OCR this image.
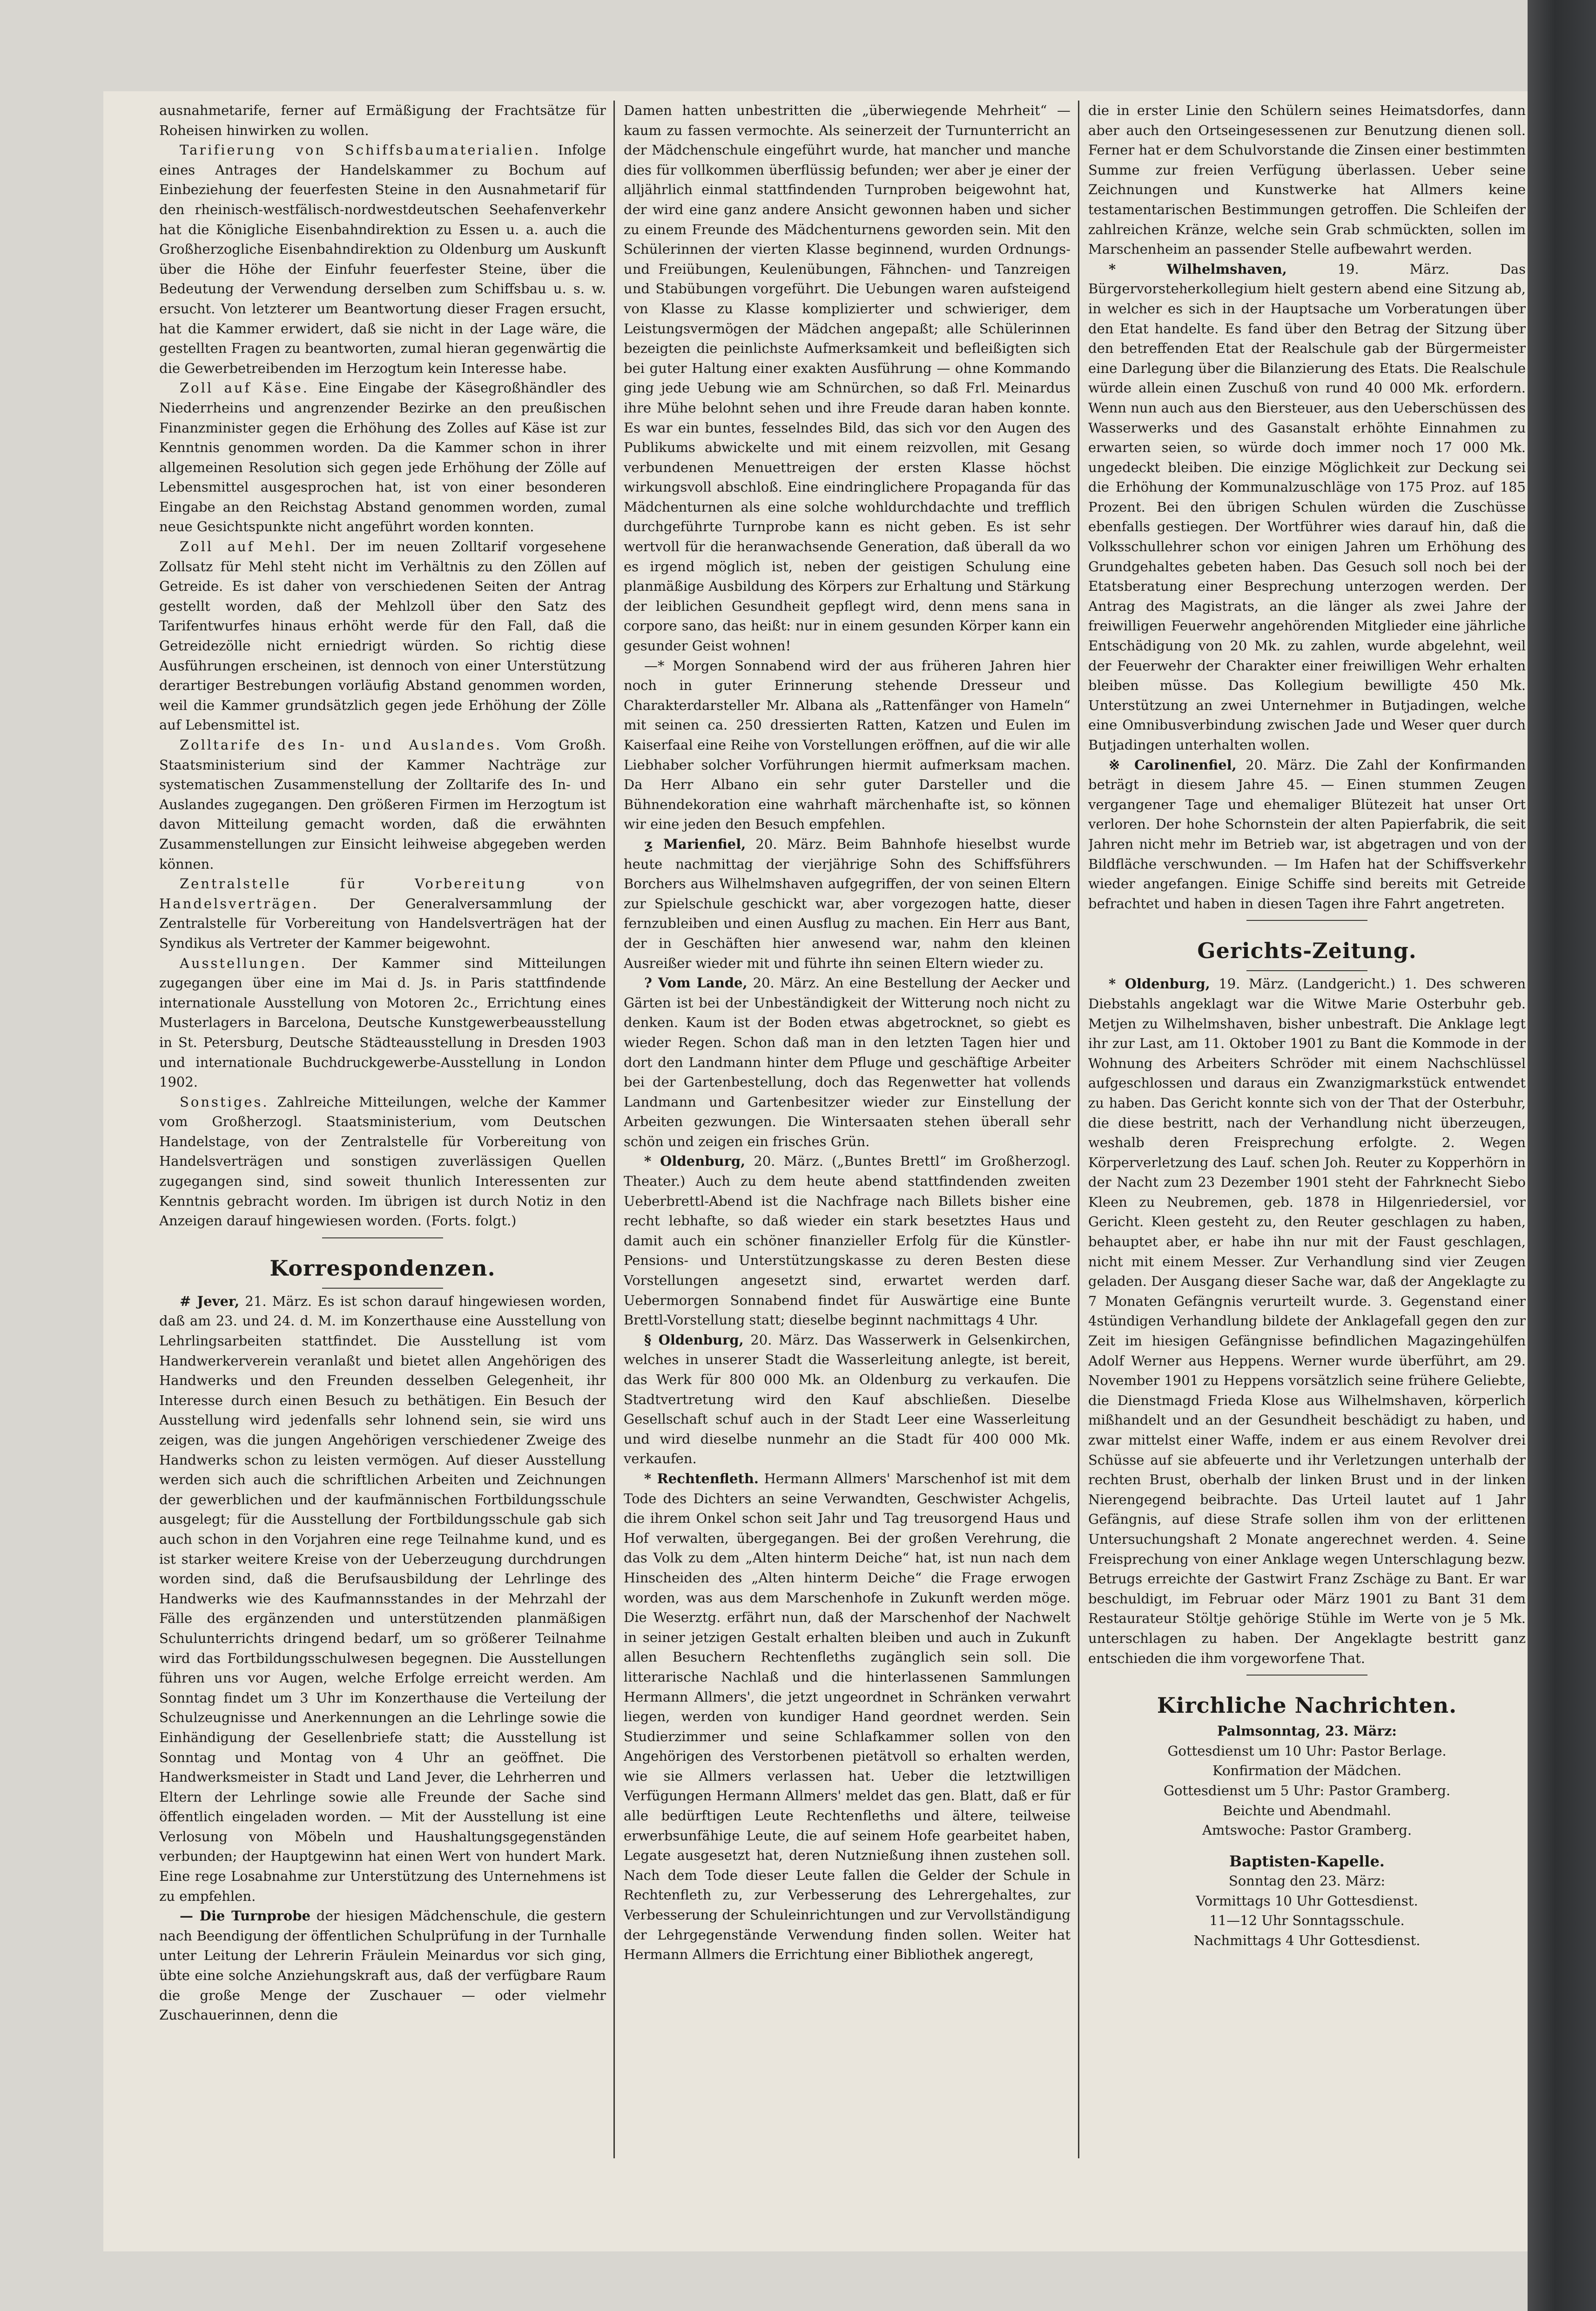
ausnahmetarife, ferner auf Ermäßigung der Frachtsätze für Roheisen hinwirken zu wollen.

Tarifierung von Schiffsbaumaterialien. Infolge eines Antrages der Handelskammer zu Bochum auf Einbeziehung der feuerfesten Steine in den Ausnahmetarif für den rheinisch-westfälisch-nordwestdeutschen Seehafenverkehr hat die Königliche Eisenbahndirektion zu Essen u. a. auch die Großherzogliche Eisenbahndirektion zu Oldenburg um Auskunft über die Höhe der Einfuhr feuerfester Steine, über die Bedeutung der Verwendung derselben zum Schiffsbau u. s. w. ersucht. Von letzterer um Beantwortung dieser Fragen ersucht, hat die Kammer erwidert, daß sie nicht in der Lage wäre, die gestellten Fragen zu beantworten, zumal hieran gegenwärtig die die Gewerbetreibenden im Herzogtum kein Interesse habe.

Zoll auf Käse. Eine Eingabe der Käsegroßhändler des Niederrheins und angrenzender Bezirke an den preußischen Finanzminister gegen die Erhöhung des Zolles auf Käse ist zur Kenntnis genommen worden. Da die Kammer schon in ihrer allgemeinen Resolution sich gegen jede Erhöhung der Zölle auf Lebensmittel ausgesprochen hat, ist von einer besonderen Eingabe an den Reichstag Abstand genommen worden, zumal neue Gesichtspunkte nicht angeführt worden konnten.

Zoll auf Mehl. Der im neuen Zolltarif vorgesehene Zollsatz für Mehl steht nicht im Verhältnis zu den Zöllen auf Getreide. Es ist daher von verschiedenen Seiten der Antrag gestellt worden, daß der Mehlzoll über den Satz des Tarifentwurfes hinaus erhöht werde für den Fall, daß die Getreidezölle nicht erniedrigt würden. So richtig diese Ausführungen erscheinen, ist dennoch von einer Unterstützung derartiger Bestrebungen vorläufig Abstand genommen worden, weil die Kammer grundsätzlich gegen jede Erhöhung der Zölle auf Lebensmittel ist.

Zolltarife des In- und Auslandes. Vom Großh. Staatsministerium sind der Kammer Nachträge zur systematischen Zusammenstellung der Zolltarife des In- und Auslandes zugegangen. Den größeren Firmen im Herzogtum ist davon Mitteilung gemacht worden, daß die erwähnten Zusammenstellungen zur Einsicht leihweise abgegeben werden können.

Zentralstelle für Vorbereitung von Handelsverträgen. Der Generalversammlung der Zentralstelle für Vorbereitung von Handelsverträgen hat der Syndikus als Vertreter der Kammer beigewohnt.

Ausstellungen. Der Kammer sind Mitteilungen zugegangen über eine im Mai d. Js. in Paris stattfindende internationale Ausstellung von Motoren 2c., Errichtung eines Musterlagers in Barcelona, Deutsche Kunstgewerbeausstellung in St. Petersburg, Deutsche Städteausstellung in Dresden 1903 und internationale Buchdruckgewerbe-Ausstellung in London 1902.

Sonstiges. Zahlreiche Mitteilungen, welche der Kammer vom Großherzogl. Staatsministerium, vom Deutschen Handelstage, von der Zentralstelle für Vorbereitung von Handelsverträgen und sonstigen zuverlässigen Quellen zugegangen sind, sind soweit thunlich Interessenten zur Kenntnis gebracht worden. Im übrigen ist durch Notiz in den Anzeigen darauf hingewiesen worden. (Forts. folgt.)

Korrespondenzen.

# Jever, 21. März. Es ist schon darauf hingewiesen worden, daß am 23. und 24. d. M. im Konzerthause eine Ausstellung von Lehrlingsarbeiten stattfindet. Die Ausstellung ist vom Handwerkerverein veranlaßt und bietet allen Angehörigen des Handwerks und den Freunden desselben Gelegenheit, ihr Interesse durch einen Besuch zu bethätigen. Ein Besuch der Ausstellung wird jedenfalls sehr lohnend sein, sie wird uns zeigen, was die jungen Angehörigen verschiedener Zweige des Handwerks schon zu leisten vermögen. Auf dieser Ausstellung werden sich auch die schriftlichen Arbeiten und Zeichnungen der gewerblichen und der kaufmännischen Fortbildungsschule ausgelegt; für die Ausstellung der Fortbildungsschule gab sich auch schon in den Vorjahren eine rege Teilnahme kund, und es ist starker weitere Kreise von der Ueberzeugung durchdrungen worden sind, daß die Berufsausbildung der Lehrlinge des Handwerks wie des Kaufmannsstandes in der Mehrzahl der Fälle des ergänzenden und unterstützenden planmäßigen Schulunterrichts dringend bedarf, um so größerer Teilnahme wird das Fortbildungsschulwesen begegnen. Die Ausstellungen führen uns vor Augen, welche Erfolge erreicht werden. Am Sonntag findet um 3 Uhr im Konzerthause die Verteilung der Schulzeugnisse und Anerkennungen an die Lehrlinge sowie die Einhändigung der Gesellenbriefe statt; die Ausstellung ist Sonntag und Montag von 4 Uhr an geöffnet. Die Handwerksmeister in Stadt und Land Jever, die Lehrherren und Eltern der Lehrlinge sowie alle Freunde der Sache sind öffentlich eingeladen worden. — Mit der Ausstellung ist eine Verlosung von Möbeln und Haushaltungsgegenständen verbunden; der Hauptgewinn hat einen Wert von hundert Mark. Eine rege Losabnahme zur Unterstützung des Unternehmens ist zu empfehlen.

— Die Turnprobe der hiesigen Mädchenschule, die gestern nach Beendigung der öffentlichen Schulprüfung in der Turnhalle unter Leitung der Lehrerin Fräulein Meinardus vor sich ging, übte eine solche Anziehungskraft aus, daß der verfügbare Raum die große Menge der Zuschauer — oder vielmehr Zuschauerinnen, denn die

Damen hatten unbestritten die „überwiegende Mehrheit“ — kaum zu fassen vermochte. Als seinerzeit der Turnunterricht an der Mädchenschule eingeführt wurde, hat mancher und manche dies für vollkommen überflüssig befunden; wer aber je einer der alljährlich einmal stattfindenden Turnproben beigewohnt hat, der wird eine ganz andere Ansicht gewonnen haben und sicher zu einem Freunde des Mädchenturnens geworden sein. Mit den Schülerinnen der vierten Klasse beginnend, wurden Ordnungs- und Freiübungen, Keulenübungen, Fähnchen- und Tanzreigen und Stabübungen vorgeführt. Die Uebungen waren aufsteigend von Klasse zu Klasse komplizierter und schwieriger, dem Leistungsvermögen der Mädchen angepaßt; alle Schülerinnen bezeigten die peinlichste Aufmerksamkeit und befleißigten sich bei guter Haltung einer exakten Ausführung — ohne Kommando ging jede Uebung wie am Schnürchen, so daß Frl. Meinardus ihre Mühe belohnt sehen und ihre Freude daran haben konnte. Es war ein buntes, fesselndes Bild, das sich vor den Augen des Publikums abwickelte und mit einem reizvollen, mit Gesang verbundenen Menuettreigen der ersten Klasse höchst wirkungsvoll abschloß. Eine eindringlichere Propaganda für das Mädchenturnen als eine solche wohldurchdachte und trefflich durchgeführte Turnprobe kann es nicht geben. Es ist sehr wertvoll für die heranwachsende Generation, daß überall da wo es irgend möglich ist, neben der geistigen Schulung eine planmäßige Ausbildung des Körpers zur Erhaltung und Stärkung der leiblichen Gesundheit gepflegt wird, denn mens sana in corpore sano, das heißt: nur in einem gesunden Körper kann ein gesunder Geist wohnen!

—* Morgen Sonnabend wird der aus früheren Jahren hier noch in guter Erinnerung stehende Dresseur und Charakterdarsteller Mr. Albana als „Rattenfänger von Hameln“ mit seinen ca. 250 dressierten Ratten, Katzen und Eulen im Kaiserfaal eine Reihe von Vorstellungen eröffnen, auf die wir alle Liebhaber solcher Vorführungen hiermit aufmerksam machen. Da Herr Albano ein sehr guter Darsteller und die Bühnendekoration eine wahrhaft märchenhafte ist, so können wir eine jeden den Besuch empfehlen.

ƺ Marienfiel, 20. März. Beim Bahnhofe hieselbst wurde heute nachmittag der vierjährige Sohn des Schiffsführers Borchers aus Wilhelmshaven aufgegriffen, der von seinen Eltern zur Spielschule geschickt war, aber vorgezogen hatte, dieser fernzubleiben und einen Ausflug zu machen. Ein Herr aus Bant, der in Geschäften hier anwesend war, nahm den kleinen Ausreißer wieder mit und führte ihn seinen Eltern wieder zu.

? Vom Lande, 20. März. An eine Bestellung der Aecker und Gärten ist bei der Unbeständigkeit der Witterung noch nicht zu denken. Kaum ist der Boden etwas abgetrocknet, so giebt es wieder Regen. Schon daß man in den letzten Tagen hier und dort den Landmann hinter dem Pfluge und geschäftige Arbeiter bei der Gartenbestellung, doch das Regenwetter hat vollends Landmann und Gartenbesitzer wieder zur Einstellung der Arbeiten gezwungen. Die Wintersaaten stehen überall sehr schön und zeigen ein frisches Grün.

* Oldenburg, 20. März. („Buntes Brettl“ im Großherzogl. Theater.) Auch zu dem heute abend stattfindenden zweiten Ueberbrettl-Abend ist die Nachfrage nach Billets bisher eine recht lebhafte, so daß wieder ein stark besetztes Haus und damit auch ein schöner finanzieller Erfolg für die Künstler-Pensions- und Unterstützungskasse zu deren Besten diese Vorstellungen angesetzt sind, erwartet werden darf. Uebermorgen Sonnabend findet für Auswärtige eine Bunte Brettl-Vorstellung statt; dieselbe beginnt nachmittags 4 Uhr.

§ Oldenburg, 20. März. Das Wasserwerk in Gelsenkirchen, welches in unserer Stadt die Wasserleitung anlegte, ist bereit, das Werk für 800 000 Mk. an Oldenburg zu verkaufen. Die Stadtvertretung wird den Kauf abschließen. Dieselbe Gesellschaft schuf auch in der Stadt Leer eine Wasserleitung und wird dieselbe nunmehr an die Stadt für 400 000 Mk. verkaufen.

* Rechtenfleth. Hermann Allmers' Marschenhof ist mit dem Tode des Dichters an seine Verwandten, Geschwister Achgelis, die ihrem Onkel schon seit Jahr und Tag treusorgend Haus und Hof verwalten, übergegangen. Bei der großen Verehrung, die das Volk zu dem „Alten hinterm Deiche“ hat, ist nun nach dem Hinscheiden des „Alten hinterm Deiche“ die Frage erwogen worden, was aus dem Marschenhofe in Zukunft werden möge. Die Weserztg. erfährt nun, daß der Marschenhof der Nachwelt in seiner jetzigen Gestalt erhalten bleiben und auch in Zukunft allen Besuchern Rechtenfleths zugänglich sein soll. Die litterarische Nachlaß und die hinterlassenen Sammlungen Hermann Allmers', die jetzt ungeordnet in Schränken verwahrt liegen, werden von kundiger Hand geordnet werden. Sein Studierzimmer und seine Schlafkammer sollen von den Angehörigen des Verstorbenen pietätvoll so erhalten werden, wie sie Allmers verlassen hat. Ueber die letztwilligen Verfügungen Hermann Allmers' meldet das gen. Blatt, daß er für alle bedürftigen Leute Rechtenfleths und ältere, teilweise erwerbsunfähige Leute, die auf seinem Hofe gearbeitet haben, Legate ausgesetzt hat, deren Nutznießung ihnen zustehen soll. Nach dem Tode dieser Leute fallen die Gelder der Schule in Rechtenfleth zu, zur Verbesserung des Lehrergehaltes, zur Verbesserung der Schuleinrichtungen und zur Vervollständigung der Lehrgegenstände Verwendung finden sollen. Weiter hat Hermann Allmers die Errichtung einer Bibliothek angeregt,

die in erster Linie den Schülern seines Heimatsdorfes, dann aber auch den Ortseingesessenen zur Benutzung dienen soll. Ferner hat er dem Schulvorstande die Zinsen einer bestimmten Summe zur freien Verfügung überlassen. Ueber seine Zeichnungen und Kunstwerke hat Allmers keine testamentarischen Bestimmungen getroffen. Die Schleifen der zahlreichen Kränze, welche sein Grab schmückten, sollen im Marschenheim an passender Stelle aufbewahrt werden.

* Wilhelmshaven, 19. März. Das Bürgervorsteherkollegium hielt gestern abend eine Sitzung ab, in welcher es sich in der Hauptsache um Vorberatungen über den Etat handelte. Es fand über den Betrag der Sitzung über den betreffenden Etat der Realschule gab der Bürgermeister eine Darlegung über die Bilanzierung des Etats. Die Realschule würde allein einen Zuschuß von rund 40 000 Mk. erfordern. Wenn nun auch aus den Biersteuer, aus den Ueberschüssen des Wasserwerks und des Gasanstalt erhöhte Einnahmen zu erwarten seien, so würde doch immer noch 17 000 Mk. ungedeckt bleiben. Die einzige Möglichkeit zur Deckung sei die Erhöhung der Kommunalzuschläge von 175 Proz. auf 185 Prozent. Bei den übrigen Schulen würden die Zuschüsse ebenfalls gestiegen. Der Wortführer wies darauf hin, daß die Volksschullehrer schon vor einigen Jahren um Erhöhung des Grundgehaltes gebeten haben. Das Gesuch soll noch bei der Etatsberatung einer Besprechung unterzogen werden. Der Antrag des Magistrats, an die länger als zwei Jahre der freiwilligen Feuerwehr angehörenden Mitglieder eine jährliche Entschädigung von 20 Mk. zu zahlen, wurde abgelehnt, weil der Feuerwehr der Charakter einer freiwilligen Wehr erhalten bleiben müsse. Das Kollegium bewilligte 450 Mk. Unterstützung an zwei Unternehmer in Butjadingen, welche eine Omnibusverbindung zwischen Jade und Weser quer durch Butjadingen unterhalten wollen.

※ Carolinenfiel, 20. März. Die Zahl der Konfirmanden beträgt in diesem Jahre 45. — Einen stummen Zeugen vergangener Tage und ehemaliger Blütezeit hat unser Ort verloren. Der hohe Schornstein der alten Papierfabrik, die seit Jahren nicht mehr im Betrieb war, ist abgetragen und von der Bildfläche verschwunden. — Im Hafen hat der Schiffsverkehr wieder angefangen. Einige Schiffe sind bereits mit Getreide befrachtet und haben in diesen Tagen ihre Fahrt angetreten.

Gerichts-Zeitung.

* Oldenburg, 19. März. (Landgericht.) 1. Des schweren Diebstahls angeklagt war die Witwe Marie Osterbuhr geb. Metjen zu Wilhelmshaven, bisher unbestraft. Die Anklage legt ihr zur Last, am 11. Oktober 1901 zu Bant die Kommode in der Wohnung des Arbeiters Schröder mit einem Nachschlüssel aufgeschlossen und daraus ein Zwanzigmarkstück entwendet zu haben. Das Gericht konnte sich von der That der Osterbuhr, die diese bestritt, nach der Verhandlung nicht überzeugen, weshalb deren Freisprechung erfolgte. 2. Wegen Körperverletzung des Lauf. schen Joh. Reuter zu Kopperhörn in der Nacht zum 23 Dezember 1901 steht der Fahrknecht Siebo Kleen zu Neubremen, geb. 1878 in Hilgenriedersiel, vor Gericht. Kleen gesteht zu, den Reuter geschlagen zu haben, behauptet aber, er habe ihn nur mit der Faust geschlagen, nicht mit einem Messer. Zur Verhandlung sind vier Zeugen geladen. Der Ausgang dieser Sache war, daß der Angeklagte zu 7 Monaten Gefängnis verurteilt wurde. 3. Gegenstand einer 4stündigen Verhandlung bildete der Anklagefall gegen den zur Zeit im hiesigen Gefängnisse befindlichen Magazingehülfen Adolf Werner aus Heppens. Werner wurde überführt, am 29. November 1901 zu Heppens vorsätzlich seine frühere Geliebte, die Dienstmagd Frieda Klose aus Wilhelmshaven, körperlich mißhandelt und an der Gesundheit beschädigt zu haben, und zwar mittelst einer Waffe, indem er aus einem Revolver drei Schüsse auf sie abfeuerte und ihr Verletzungen unterhalb der rechten Brust, oberhalb der linken Brust und in der linken Nierengegend beibrachte. Das Urteil lautet auf 1 Jahr Gefängnis, auf diese Strafe sollen ihm von der erlittenen Untersuchungshaft 2 Monate angerechnet werden. 4. Seine Freisprechung von einer Anklage wegen Unterschlagung bezw. Betrugs erreichte der Gastwirt Franz Zschäge zu Bant. Er war beschuldigt, im Februar oder März 1901 zu Bant 31 dem Restaurateur Stöltje gehörige Stühle im Werte von je 5 Mk. unterschlagen zu haben. Der Angeklagte bestritt ganz entschieden die ihm vorgeworfene That.

Kirchliche Nachrichten.

Palmsonntag, 23. März:

Gottesdienst um 10 Uhr: Pastor Berlage.

Konfirmation der Mädchen.

Gottesdienst um 5 Uhr: Pastor Gramberg.

Beichte und Abendmahl.

Amtswoche: Pastor Gramberg.

Baptisten-Kapelle.

Sonntag den 23. März:

Vormittags 10 Uhr Gottesdienst.

11—12 Uhr Sonntagsschule.

Nachmittags 4 Uhr Gottesdienst.
